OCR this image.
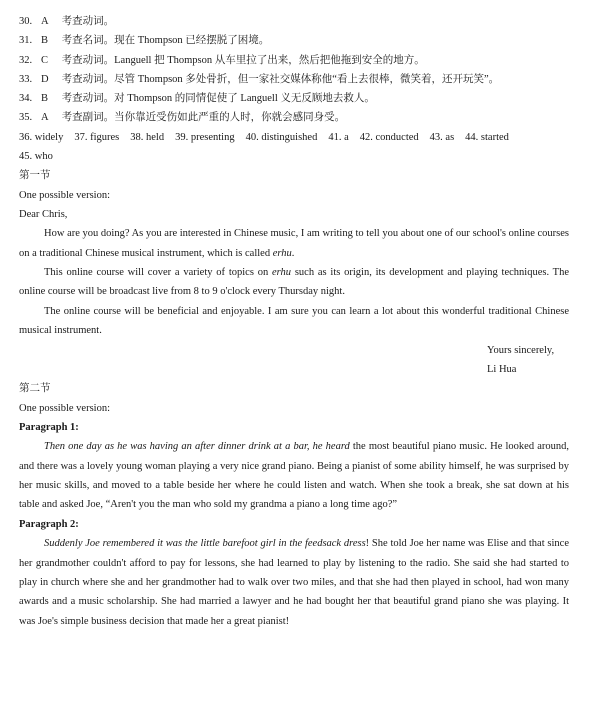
30. A 考查动词。
31. B 考查名词。现在 Thompson 已经摆脱了困境。
32. C 考查动词。Languell 把 Thompson 从车里拉了出来，然后把他拖到安全的地方。
33. D 考查动词。尽管 Thompson 多处骨折，但一家社交媒体称他“看上去很棒，微笑着，还开玩笑”。
34. B 考查动词。对 Thompson 的同情促使了 Languell 义无反顾地去救人。
35. A 考查副词。当你靠近受伤如此严重的人时，你就会感同身受。
36. widely 37. figures 38. held 39. presenting 40. distinguished 41. a 42. conducted 43. as 44. started
45. who
第一节
One possible version:
Dear Chris,

How are you doing? As you are interested in Chinese music, I am writing to tell you about one of our school's online courses on a traditional Chinese musical instrument, which is called erhu.

This online course will cover a variety of topics on erhu such as its origin, its development and playing techniques. The online course will be broadcast live from 8 to 9 o'clock every Thursday night.

The online course will be beneficial and enjoyable. I am sure you can learn a lot about this wonderful traditional Chinese musical instrument.

Yours sincerely,
Li Hua
第二节
One possible version:
Paragraph 1:

Then one day as he was having an after dinner drink at a bar, he heard the most beautiful piano music. He looked around, and there was a lovely young woman playing a very nice grand piano. Being a pianist of some ability himself, he was surprised by her music skills, and moved to a table beside her where he could listen and watch. When she took a break, she sat down at his table and asked Joe, “Aren't you the man who sold my grandma a piano a long time ago?”

Paragraph 2:

Suddenly Joe remembered it was the little barefoot girl in the feedsack dress! She told Joe her name was Elise and that since her grandmother couldn't afford to pay for lessons, she had learned to play by listening to the radio. She said she had started to play in church where she and her grandmother had to walk over two miles, and that she had then played in school, had won many awards and a music scholarship. She had married a lawyer and he had bought her that beautiful grand piano she was playing. It was Joe's simple business decision that made her a great pianist!
